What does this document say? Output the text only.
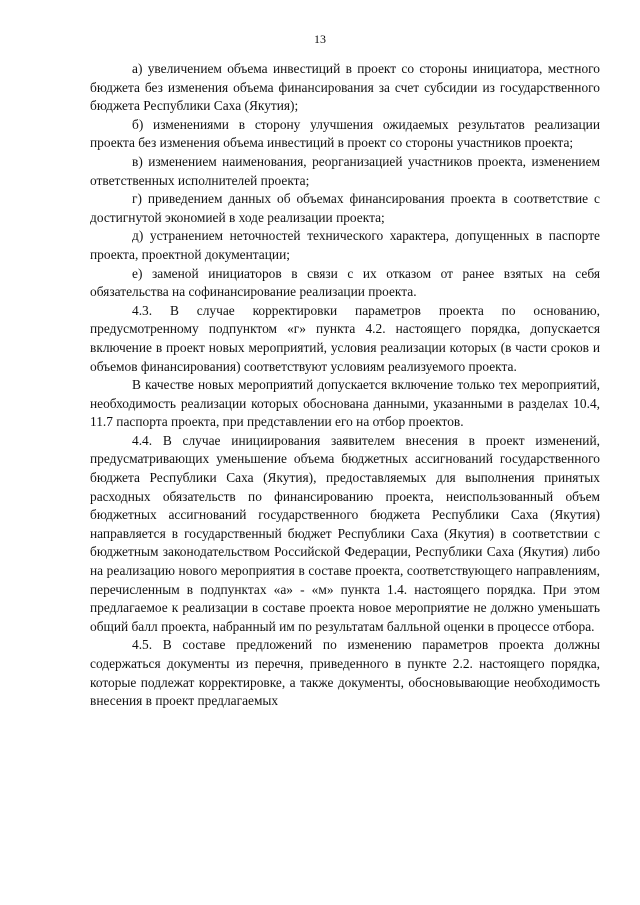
13

а) увеличением объема инвестиций в проект со стороны инициатора, местного бюджета без изменения объема финансирования за счет субсидии из государственного бюджета Республики Саха (Якутия);

б) изменениями в сторону улучшения ожидаемых результатов реализации проекта без изменения объема инвестиций в проект со стороны участников проекта;

в) изменением наименования, реорганизацией участников проекта, изменением ответственных исполнителей проекта;

г) приведением данных об объемах финансирования проекта в соответствие с достигнутой экономией в ходе реализации проекта;

д) устранением неточностей технического характера, допущенных в паспорте проекта, проектной документации;

е) заменой инициаторов в связи с их отказом от ранее взятых на себя обязательства на софинансирование реализации проекта.

4.3. В случае корректировки параметров проекта по основанию, предусмотренному подпунктом «г» пункта 4.2. настоящего порядка, допускается включение в проект новых мероприятий, условия реализации которых (в части сроков и объемов финансирования) соответствуют условиям реализуемого проекта.

В качестве новых мероприятий допускается включение только тех мероприятий, необходимость реализации которых обоснована данными, указанными в разделах 10.4, 11.7 паспорта проекта, при представлении его на отбор проектов.

4.4. В случае инициирования заявителем внесения в проект изменений, предусматривающих уменьшение объема бюджетных ассигнований государственного бюджета Республики Саха (Якутия), предоставляемых для выполнения принятых расходных обязательств по финансированию проекта, неиспользованный объем бюджетных ассигнований государственного бюджета Республики Саха (Якутия) направляется в государственный бюджет Республики Саха (Якутия) в соответствии с бюджетным законодательством Российской Федерации, Республики Саха (Якутия) либо на реализацию нового мероприятия в составе проекта, соответствующего направлениям, перечисленным в подпунктах «а» - «м» пункта 1.4. настоящего порядка. При этом предлагаемое к реализации в составе проекта новое мероприятие не должно уменьшать общий балл проекта, набранный им по результатам балльной оценки в процессе отбора.

4.5. В составе предложений по изменению параметров проекта должны содержаться документы из перечня, приведенного в пункте 2.2. настоящего порядка, которые подлежат корректировке, а также документы, обосновывающие необходимость внесения в проект предлагаемых
